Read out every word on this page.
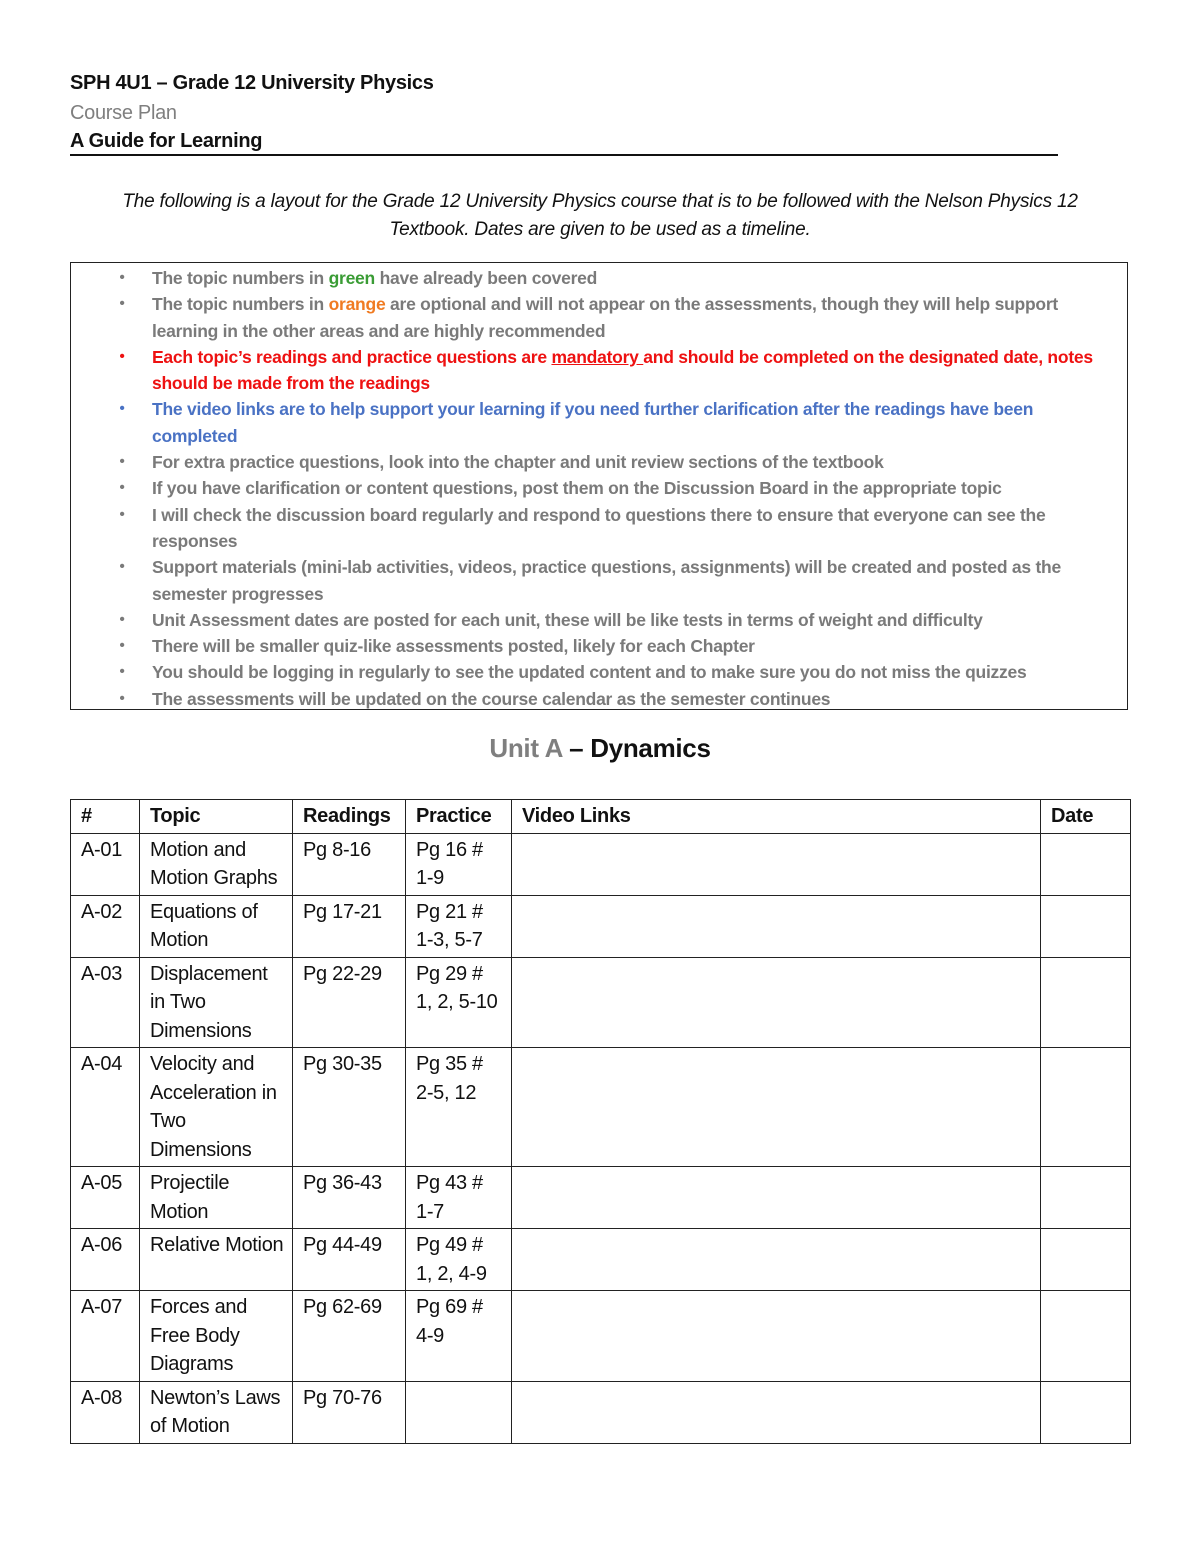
SPH 4U1 – Grade 12 University Physics
Course Plan
A Guide for Learning
The following is a layout for the Grade 12 University Physics course that is to be followed with the Nelson Physics 12 Textbook. Dates are given to be used as a timeline.
• The topic numbers in green have already been covered
• The topic numbers in orange are optional and will not appear on the assessments, though they will help support learning in the other areas and are highly recommended
• Each topic’s readings and practice questions are mandatory and should be completed on the designated date, notes should be made from the readings
• The video links are to help support your learning if you need further clarification after the readings have been completed
• For extra practice questions, look into the chapter and unit review sections of the textbook
• If you have clarification or content questions, post them on the Discussion Board in the appropriate topic
• I will check the discussion board regularly and respond to questions there to ensure that everyone can see the responses
• Support materials (mini-lab activities, videos, practice questions, assignments) will be created and posted as the semester progresses
• Unit Assessment dates are posted for each unit, these will be like tests in terms of weight and difficulty
• There will be smaller quiz-like assessments posted, likely for each Chapter
• You should be logging in regularly to see the updated content and to make sure you do not miss the quizzes
• The assessments will be updated on the course calendar as the semester continues
Unit A – Dynamics
#	Topic	Readings	Practice	Video Links	Date
A-01	Motion and Motion Graphs	Pg 8-16	Pg 16 # 1-9		
A-02	Equations of Motion	Pg 17-21	Pg 21 # 1-3, 5-7		
A-03	Displacement in Two Dimensions	Pg 22-29	Pg 29 # 1, 2, 5-10		
A-04	Velocity and Acceleration in Two Dimensions	Pg 30-35	Pg 35 # 2-5, 12		
A-05	Projectile Motion	Pg 36-43	Pg 43 # 1-7		
A-06	Relative Motion	Pg 44-49	Pg 49 # 1, 2, 4-9		
A-07	Forces and Free Body Diagrams	Pg 62-69	Pg 69 # 4-9		
A-08	Newton’s Laws of Motion	Pg 70-76			
